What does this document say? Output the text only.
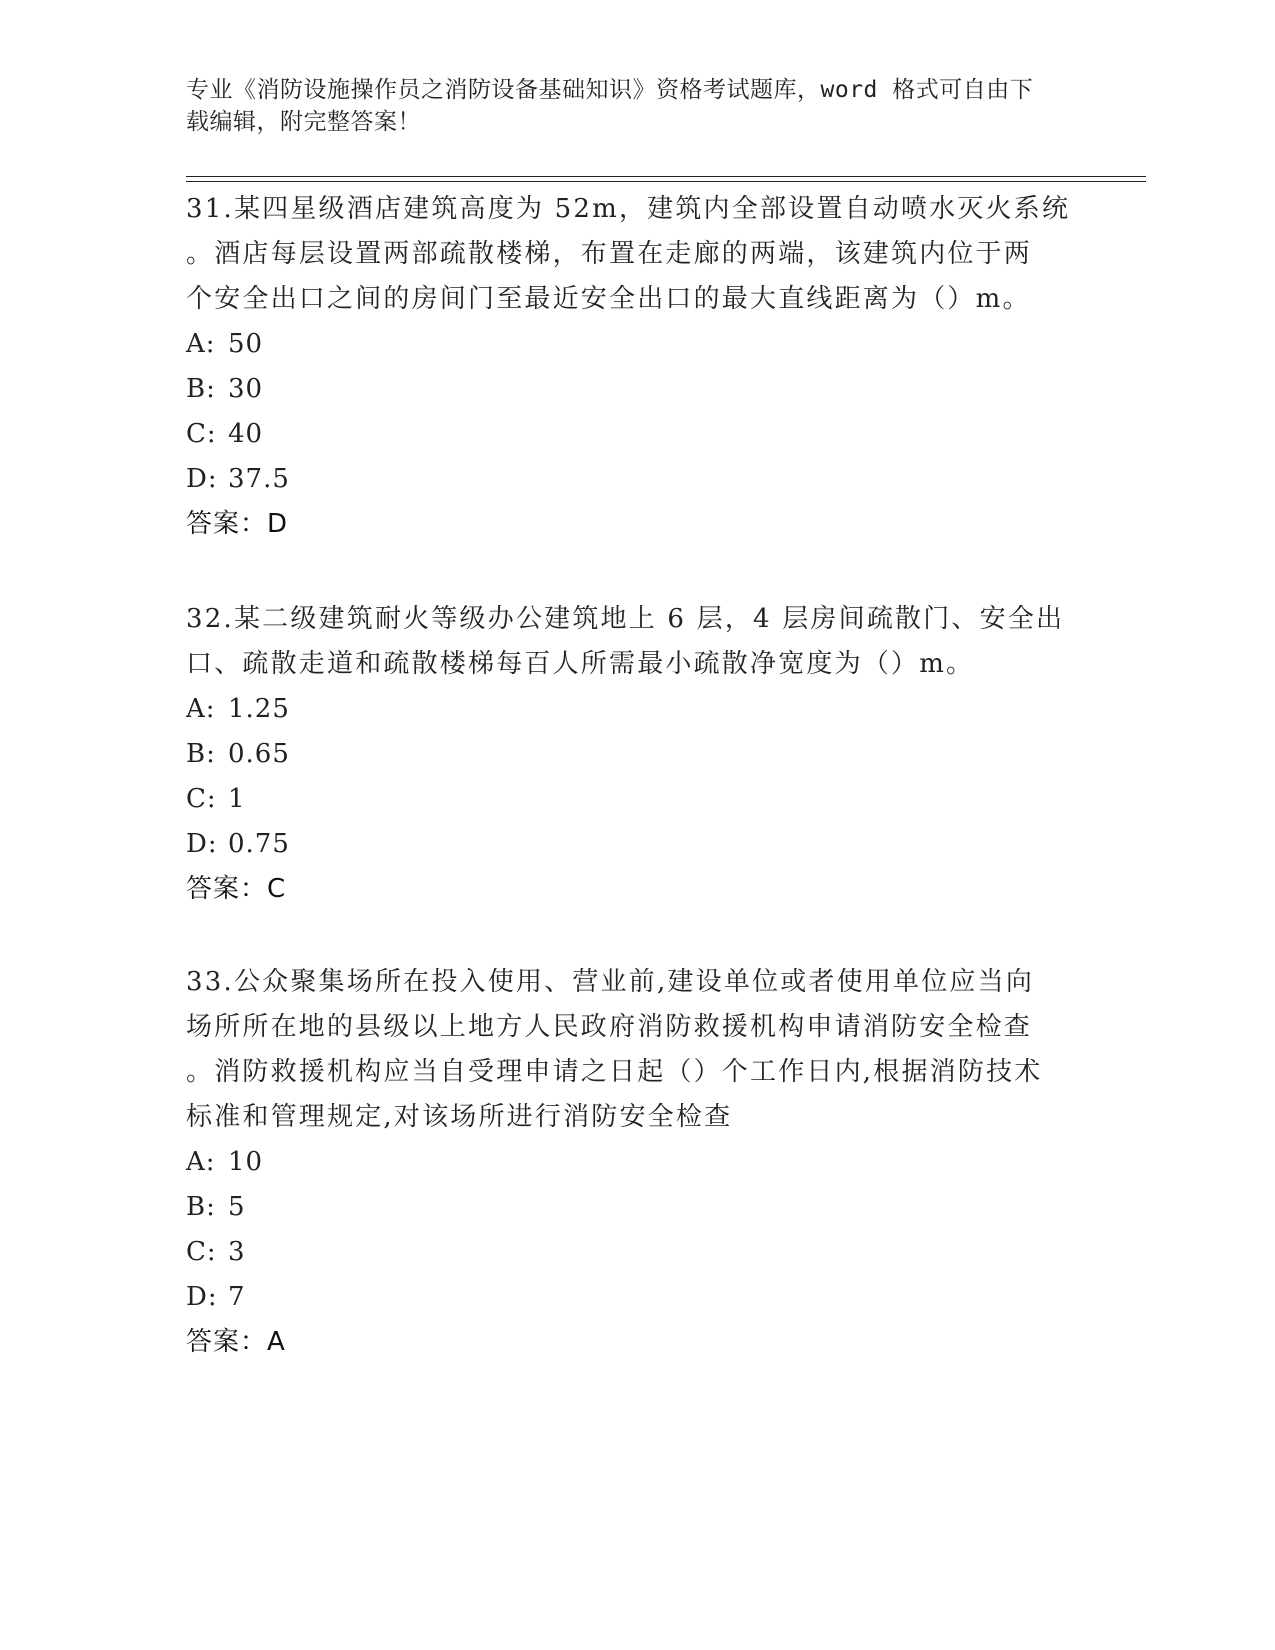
专业《消防设施操作员之消防设备基础知识》资格考试题库，word 格式可自由下
载编辑，附完整答案！
31.某四星级酒店建筑高度为 52m，建筑内全部设置自动喷水灭火系统
。酒店每层设置两部疏散楼梯，布置在走廊的两端，该建筑内位于两
个安全出口之间的房间门至最近安全出口的最大直线距离为（）m。
A: 50
B: 30
C: 40
D: 37.5
答案：D
32.某二级建筑耐火等级办公建筑地上 6 层，4 层房间疏散门、安全出
口、疏散走道和疏散楼梯每百人所需最小疏散净宽度为（）m。
A: 1.25
B: 0.65
C: 1
D: 0.75
答案：C
33.公众聚集场所在投入使用、营业前,建设单位或者使用单位应当向
场所所在地的县级以上地方人民政府消防救援机构申请消防安全检查
。消防救援机构应当自受理申请之日起（）个工作日内,根据消防技术
标准和管理规定,对该场所进行消防安全检查
A: 10
B: 5
C: 3
D: 7
答案：A
